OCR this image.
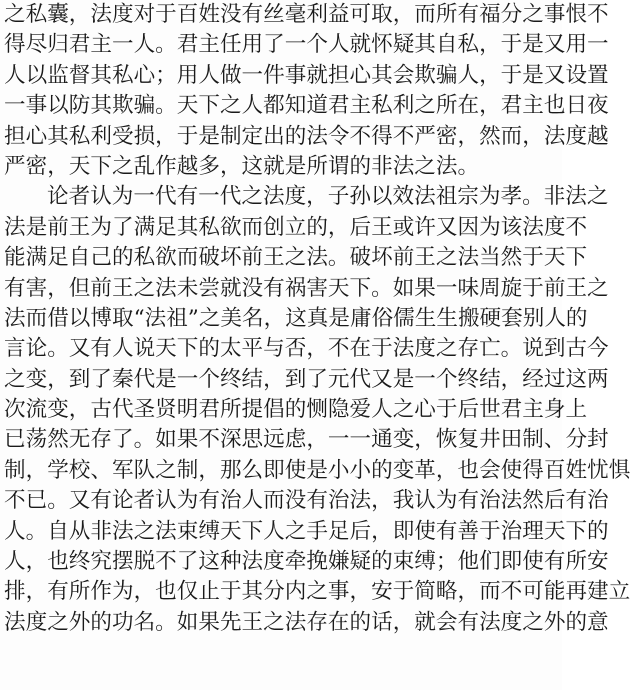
之私囊，法度对于百姓没有丝毫利益可取，而所有福分之事恨不
得尽归君主一人。君主任用了一个人就怀疑其自私，于是又用一
人以监督其私心；用人做一件事就担心其会欺骗人，于是又设置
一事以防其欺骗。天下之人都知道君主私利之所在，君主也日夜
担心其私利受损，于是制定出的法令不得不严密，然而，法度越
严密，天下之乱作越多，这就是所谓的非法之法。
论者认为一代有一代之法度，子孙以效法祖宗为孝。非法之
法是前王为了满足其私欲而创立的，后王或许又因为该法度不
能满足自己的私欲而破坏前王之法。破坏前王之法当然于天下
有害，但前王之法未尝就没有祸害天下。如果一味周旋于前王之
法而借以博取“法祖”之美名，这真是庸俗儒生生搬硬套别人的
言论。又有人说天下的太平与否，不在于法度之存亡。说到古今
之变，到了秦代是一个终结，到了元代又是一个终结，经过这两
次流变，古代圣贤明君所提倡的恻隐爱人之心于后世君主身上
已荡然无存了。如果不深思远虑，一一通变，恢复井田制、分封
制，学校、军队之制，那么即使是小小的变革，也会使得百姓忧惧
不已。又有论者认为有治人而没有治法，我认为有治法然后有治
人。自从非法之法束缚天下人之手足后，即使有善于治理天下的
人，也终究摆脱不了这种法度牵挽嫌疑的束缚；他们即使有所安
排，有所作为，也仅止于其分内之事，安于简略，而不可能再建立
法度之外的功名。如果先王之法存在的话，就会有法度之外的意
